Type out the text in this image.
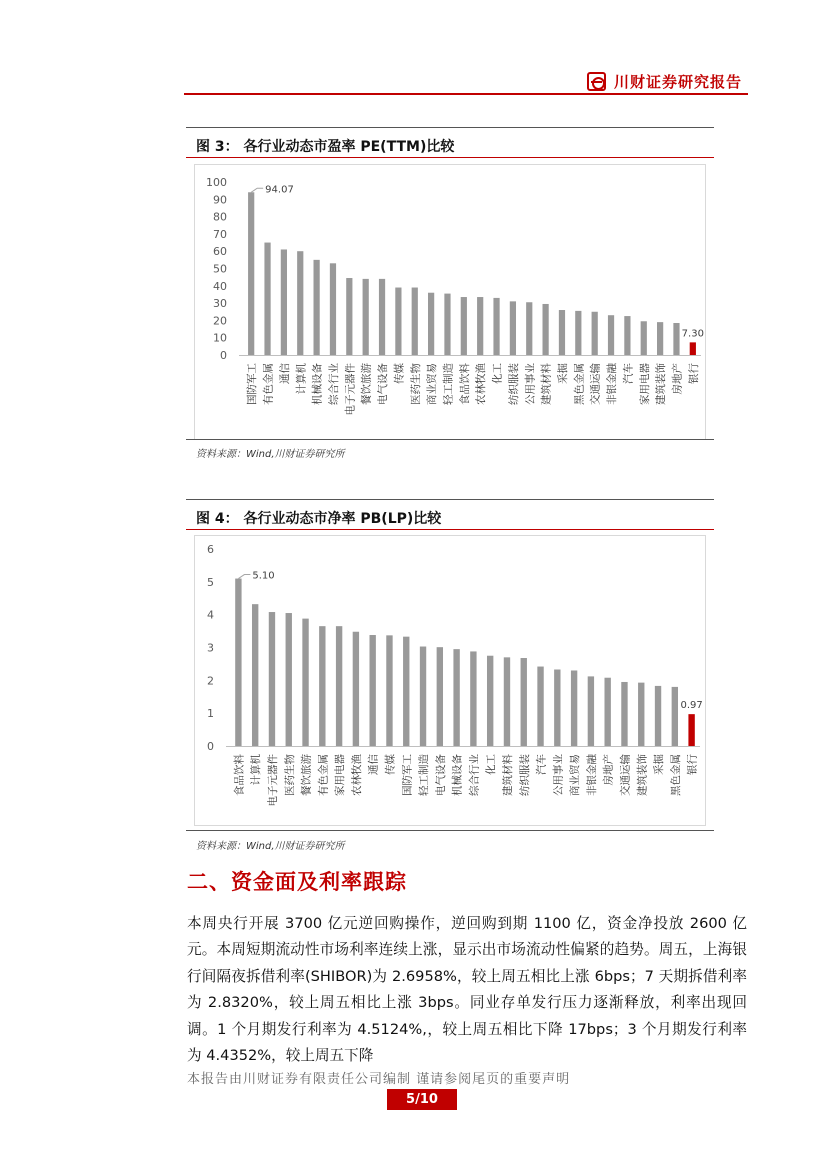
川财证券研究报告
图 3： 各行业动态市盈率 PE(TTM)比较
0
10
20
30
40
50
60
70
80
90
100
国防军工
94.07
有色金属 通信 计算机 机械设备 综合行业 电子元器件 餐饮旅游 电气设备 传媒 医药生物 商业贸易 轻工制造 食品饮料 农林牧渔 化工 纺织服装 公用事业 建筑材料 采掘 黑色金属 交通运输 非银金融 汽车 家用电器 建筑装饰 房地产 银行
7.30
资料来源：Wind,川财证券研究所
图 4： 各行业动态市净率 PB(LP)比较
0
1
2
3
4
5
6
食品饮料
5.10
计算机 电子元器件 医药生物 餐饮旅游 有色金属 家用电器 农林牧渔 通信 传媒 国防军工 轻工制造 电气设备 机械设备 综合行业 化工 建筑材料 纺织服装 汽车 公用事业 商业贸易 非银金融 房地产 交通运输 建筑装饰 采掘 黑色金属 银行
0.97
资料来源：Wind,川财证券研究所
二、资金面及利率跟踪
本周央行开展 3700 亿元逆回购操作，逆回购到期 1100 亿，资金净投放 2600 亿元。本周短期流动性市场利率连续上涨，显示出市场流动性偏紧的趋势。周五，上海银行间隔夜拆借利率(SHIBOR)为 2.6958%，较上周五相比上涨 6bps；7 天期拆借利率为 2.8320%，较上周五相比上涨 3bps。同业存单发行压力逐渐释放，利率出现回调。1 个月期发行利率为 4.5124%,，较上周五相比下降 17bps；3 个月期发行利率为 4.4352%，较上周五下降
本报告由川财证券有限责任公司编制 谨请参阅尾页的重要声明
5/10
